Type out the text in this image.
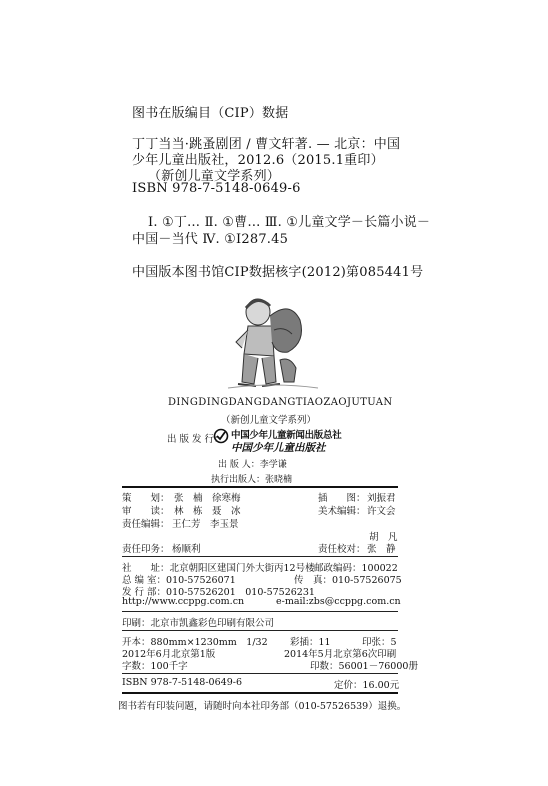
图书在版编目（CIP）数据
丁丁当当·跳蚤剧团 / 曹文轩著. — 北京：中国
少年儿童出版社，2012.6（2015.1重印）
（新创儿童文学系列）
ISBN 978-7-5148-0649-6
Ⅰ. ①丁… Ⅱ. ①曹… Ⅲ. ①儿童文学－长篇小说－
中国－当代 Ⅳ. ①I287.45
中国版本图书馆CIP数据核字(2012)第085441号
DINGDINGDANGDANGTIAOZAOJUTUAN
（新创儿童文学系列）
出 版 发 行： 中国少年儿童新闻出版总社
中国少年儿童出版社
出 版 人：李学谦
执行出版人：张晓楠
策　　划： 张　楠　徐寒梅	插　　图： 刘振君
审　　读： 林　栋　聂　冰	美术编辑： 许文会
责任编辑： 王仁芳　李玉景
胡　凡
责任印务： 杨顺利	责任校对： 张　静
社　　址：北京朝阳区建国门外大街丙12号楼 邮政编码：100022
总 编 室：010-57526071	传　真：010-57526075
发 行 部：010-57526201　010-57526231
http://www.ccppg.com.cn	e-mail:zbs@ccppg.com.cn
印刷：北京市凯鑫彩色印刷有限公司
开本：880mm×1230mm　1/32 彩插：11	印张：5
2012年6月北京第1版	2014年5月北京第6次印刷
字数：100千字	印数：56001－76000册
ISBN 978-7-5148-0649-6	定价：16.00元
图书若有印装问题，请随时向本社印务部（010-57526539）退换。
